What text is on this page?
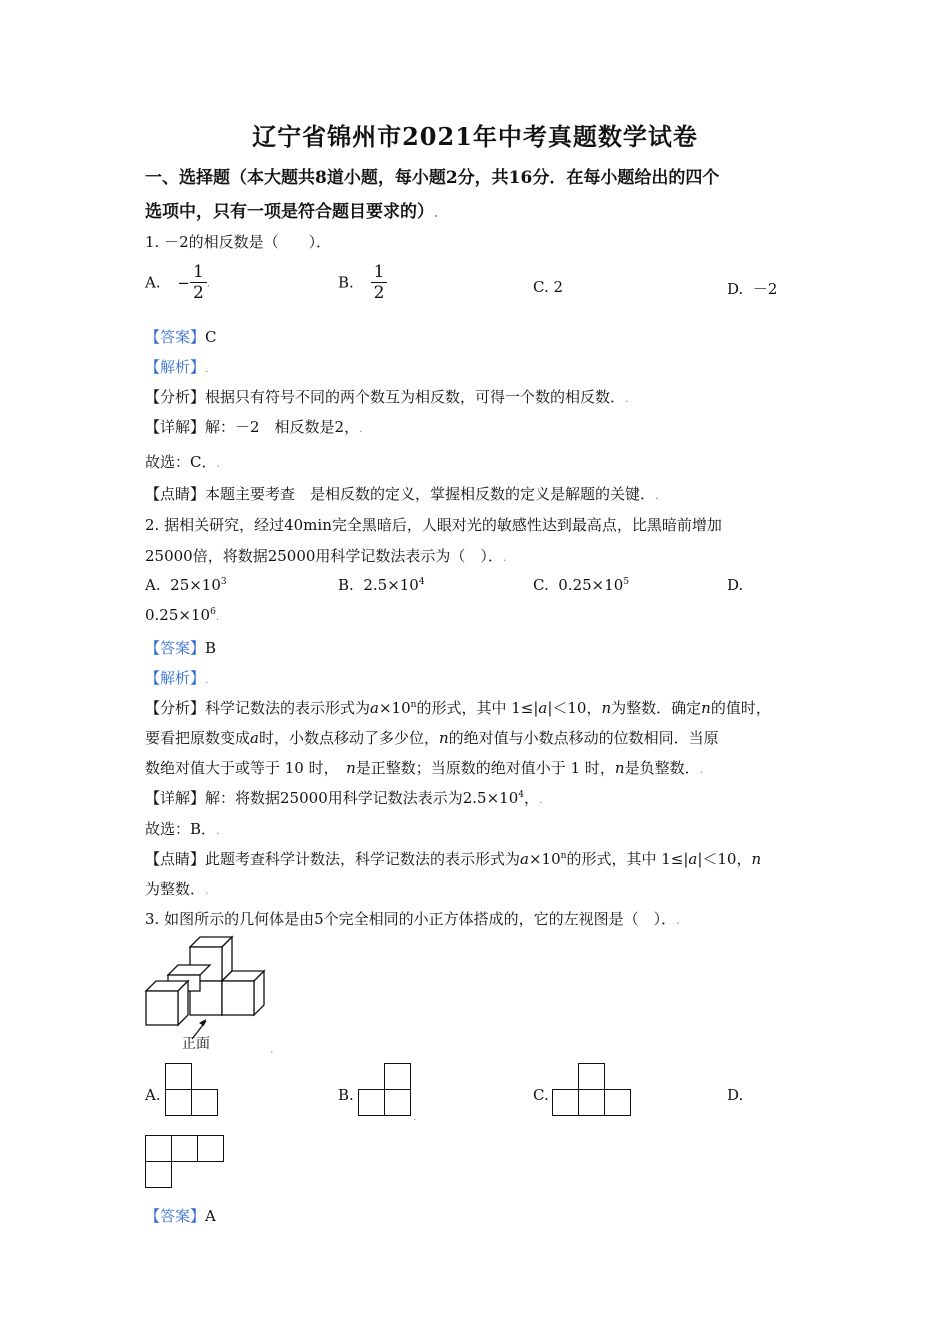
辽宁省锦州市2021年中考真题数学试卷
一、选择题（本大题共8道小题，每小题2分，共16分．在每小题给出的四个
选项中，只有一项是符合题目要求的）.
1. －2的相反数是（　　）．
A. − $\frac{1}{2}$ .	B. $\frac{1}{2}$	C. 2	D. －2
【答案】C
【解析】.
【分析】根据只有符号不同的两个数互为相反数，可得一个数的相反数．.
【详解】解：－2　相反数是2，.
故选：C．.
【点睛】本题主要考查　是相反数的定义，掌握相反数的定义是解题的关键．.
2. 据相关研究，经过40min完全黑暗后，人眼对光的敏感性达到最高点，比黑暗前增加
25000倍，将数据25000用科学记数法表示为（　）．.
A. $25\times 10^3$	B. $2.5\times 10^4$	C. $0.25\times 10^5$	D.
$0.25\times 10^6$.
【答案】B
【解析】.
【分析】科学记数法的表示形式为$a\times 10^n$的形式，其中 1≤|a|＜10，n为整数．确定n的值时，
要看把原数变成a时，小数点移动了多少位，n的绝对值与小数点移动的位数相同．当原
数绝对值大于或等于 10 时，　n是正整数；当原数的绝对值小于 1 时，n是负整数．.
【详解】解：将数据25000用科学记数法表示为$2.5\times 10^4$，.
故选：B．.
【点睛】此题考查科学计数法，科学记数法的表示形式为$a\times 10^n$的形式，其中 1≤|a|＜10，n
为整数．.
3. 如图所示的几何体是由5个完全相同的小正方体搭成的，它的左视图是（　）．.
正面	.
A.	B.
.
C.	D.
【答案】A
